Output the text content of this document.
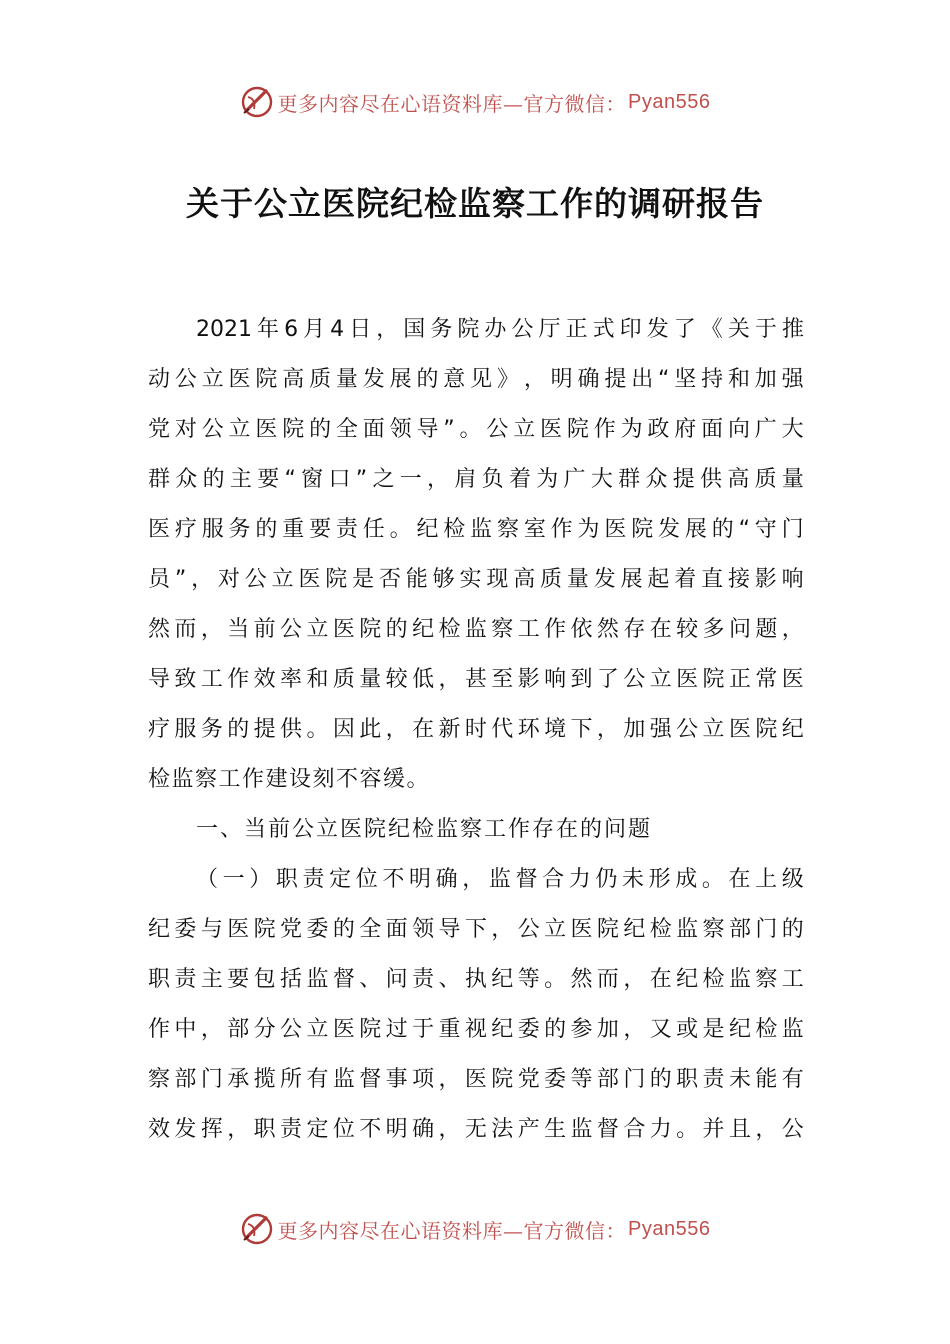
更多内容尽在心语资料库—官方微信： Pyan556
关于公立医院纪检监察工作的调研报告
2021 年 6 月 4 日 ， 国 务 院 办 公 厅 正 式 印 发 了 《 关 于 推
动 公 立 医 院 高 质 量 发 展 的 意 见 》 ， 明 确 提 出 “ 坚 持 和 加 强
党 对 公 立 医 院 的 全 面 领 导 ” 。 公 立 医 院 作 为 政 府 面 向 广 大
群 众 的 主 要 “ 窗 口 ” 之 一 ， 肩 负 着 为 广 大 群 众 提 供 高 质 量
医 疗 服 务 的 重 要 责 任 。 纪 检 监 察 室 作 为 医 院 发 展 的 “ 守 门
员 ” ， 对 公 立 医 院 是 否 能 够 实 现 高 质 量 发 展 起 着 直 接 影 响
然 而 ， 当 前 公 立 医 院 的 纪 检 监 察 工 作 依 然 存 在 较 多 问 题 ，
导 致 工 作 效 率 和 质 量 较 低 ， 甚 至 影 响 到 了 公 立 医 院 正 常 医
疗 服 务 的 提 供 。 因 此 ， 在 新 时 代 环 境 下 ， 加 强 公 立 医 院 纪
检监察工作建设刻不容缓。
一、当前公立医院纪检监察工作存在的问题
（ 一 ） 职 责 定 位 不 明 确 ， 监 督 合 力 仍 未 形 成 。 在 上 级
纪 委 与 医 院 党 委 的 全 面 领 导 下 ， 公 立 医 院 纪 检 监 察 部 门 的
职 责 主 要 包 括 监 督 、 问 责 、 执 纪 等 。 然 而 ， 在 纪 检 监 察 工
作 中 ， 部 分 公 立 医 院 过 于 重 视 纪 委 的 参 加 ， 又 或 是 纪 检 监
察 部 门 承 揽 所 有 监 督 事 项 ， 医 院 党 委 等 部 门 的 职 责 未 能 有
效 发 挥 ， 职 责 定 位 不 明 确 ， 无 法 产 生 监 督 合 力 。 并 且 ， 公
更多内容尽在心语资料库—官方微信： Pyan556
